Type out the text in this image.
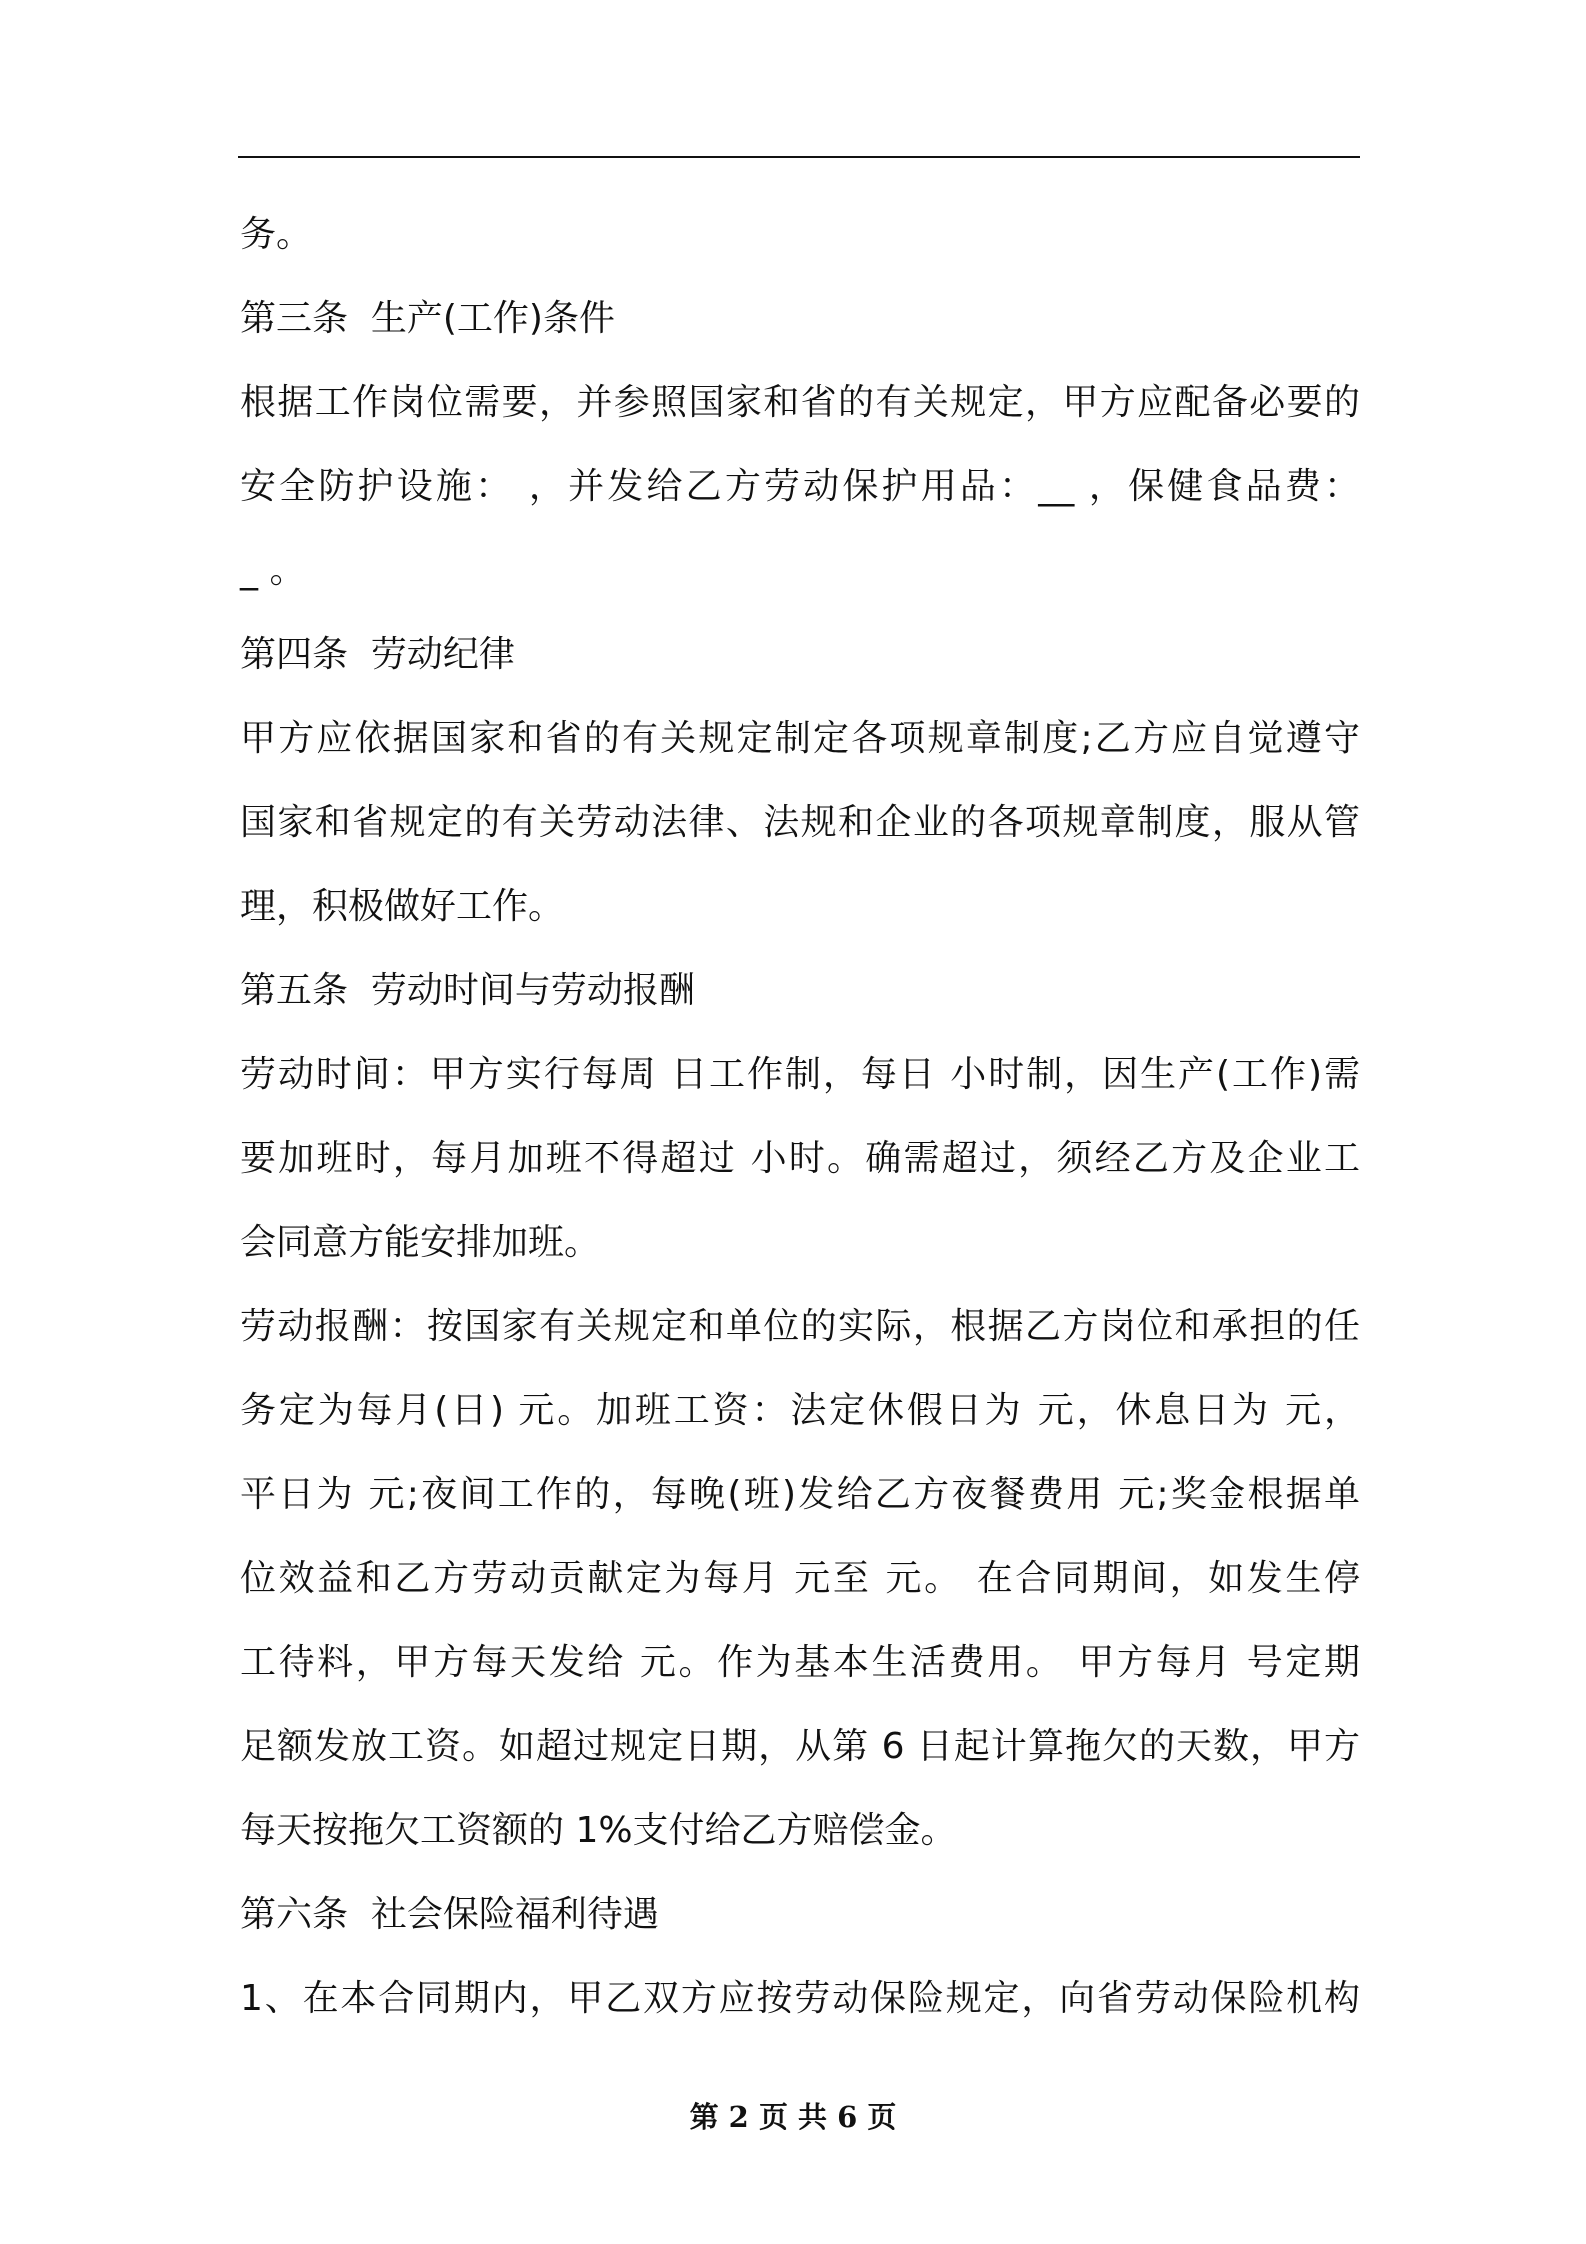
务。
第三条  生产(工作)条件
根据工作岗位需要，并参照国家和省的有关规定，甲方应配备必要的
安全防护设施： ，并发给乙方劳动保护用品：__ ，保健食品费：
_ 。
第四条  劳动纪律
甲方应依据国家和省的有关规定制定各项规章制度;乙方应自觉遵守
国家和省规定的有关劳动法律、法规和企业的各项规章制度，服从管
理，积极做好工作。
第五条  劳动时间与劳动报酬
劳动时间：甲方实行每周 日工作制，每日 小时制，因生产(工作)需
要加班时，每月加班不得超过 小时。确需超过，须经乙方及企业工
会同意方能安排加班。
劳动报酬：按国家有关规定和单位的实际，根据乙方岗位和承担的任
务定为每月(日) 元。加班工资：法定休假日为 元，休息日为 元，
平日为 元;夜间工作的，每晚(班)发给乙方夜餐费用 元;奖金根据单
位效益和乙方劳动贡献定为每月 元至 元。 在合同期间，如发生停
工待料，甲方每天发给 元。作为基本生活费用。 甲方每月 号定期
足额发放工资。如超过规定日期，从第 6 日起计算拖欠的天数，甲方
每天按拖欠工资额的 1%支付给乙方赔偿金。
第六条  社会保险福利待遇
1、在本合同期内，甲乙双方应按劳动保险规定，向省劳动保险机构
第 2 页 共 6 页
